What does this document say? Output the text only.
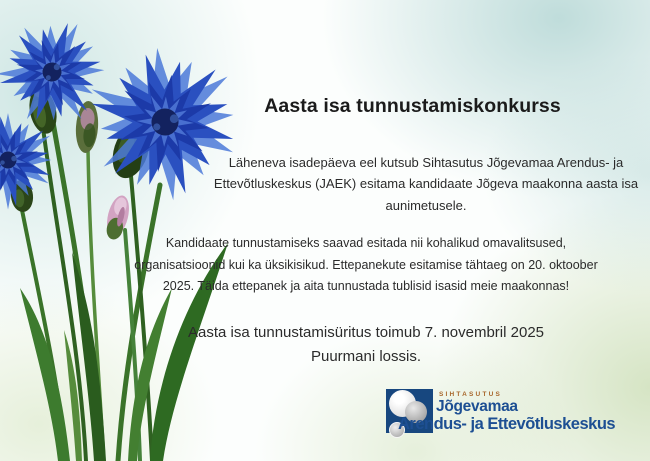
Aasta isa tunnustamiskonkurss

Läheneva isadepäeva eel kutsub Sihtasutus Jõgevamaa Arendus- ja Ettevõtluskeskus (JAEK) esitama kandidaate Jõgeva maakonna aasta isa aunimetusele.

Kandidaate tunnustamiseks saavad esitada nii kohalikud omavalitsused, organisatsioonid kui ka üksikisikud. Ettepanekute esitamise tähtaeg on 20. oktoober 2025. Täida ettepanek ja aita tunnustada tublisid isasid meie maakonnas!

Aasta isa tunnustamisüritus toimub 7. novembril 2025 Puurmani lossis.

SIHTASUTUS
Jõgevamaa
Arendus- ja Ettevõtluskeskus
